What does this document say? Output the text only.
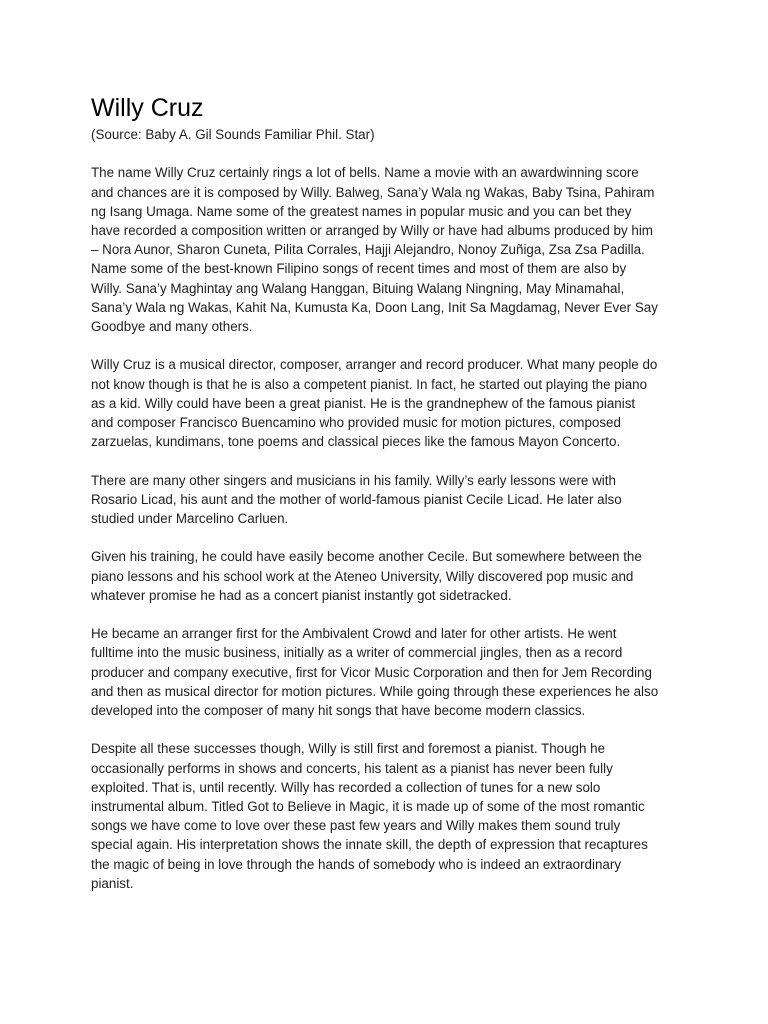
Willy Cruz

(Source: Baby A. Gil Sounds Familiar Phil. Star)

The name Willy Cruz certainly rings a lot of bells. Name a movie with an awardwinning score
and chances are it is composed by Willy. Balweg, Sana’y Wala ng Wakas, Baby Tsina, Pahiram
ng Isang Umaga. Name some of the greatest names in popular music and you can bet they
have recorded a composition written or arranged by Willy or have had albums produced by him
– Nora Aunor, Sharon Cuneta, Pilita Corrales, Hajji Alejandro, Nonoy Zuñiga, Zsa Zsa Padilla.
Name some of the best-known Filipino songs of recent times and most of them are also by
Willy. Sana’y Maghintay ang Walang Hanggan, Bituing Walang Ningning, May Minamahal,
Sana’y Wala ng Wakas, Kahit Na, Kumusta Ka, Doon Lang, Init Sa Magdamag, Never Ever Say
Goodbye and many others.

Willy Cruz is a musical director, composer, arranger and record producer. What many people do
not know though is that he is also a competent pianist. In fact, he started out playing the piano
as a kid. Willy could have been a great pianist. He is the grandnephew of the famous pianist
and composer Francisco Buencamino who provided music for motion pictures, composed
zarzuelas, kundimans, tone poems and classical pieces like the famous Mayon Concerto.

There are many other singers and musicians in his family. Willy’s early lessons were with
Rosario Licad, his aunt and the mother of world-famous pianist Cecile Licad. He later also
studied under Marcelino Carluen.

Given his training, he could have easily become another Cecile. But somewhere between the
piano lessons and his school work at the Ateneo University, Willy discovered pop music and
whatever promise he had as a concert pianist instantly got sidetracked.

He became an arranger first for the Ambivalent Crowd and later for other artists. He went
fulltime into the music business, initially as a writer of commercial jingles, then as a record
producer and company executive, first for Vicor Music Corporation and then for Jem Recording
and then as musical director for motion pictures. While going through these experiences he also
developed into the composer of many hit songs that have become modern classics.

Despite all these successes though, Willy is still first and foremost a pianist. Though he
occasionally performs in shows and concerts, his talent as a pianist has never been fully
exploited. That is, until recently. Willy has recorded a collection of tunes for a new solo
instrumental album. Titled Got to Believe in Magic, it is made up of some of the most romantic
songs we have come to love over these past few years and Willy makes them sound truly
special again. His interpretation shows the innate skill, the depth of expression that recaptures
the magic of being in love through the hands of somebody who is indeed an extraordinary
pianist.
